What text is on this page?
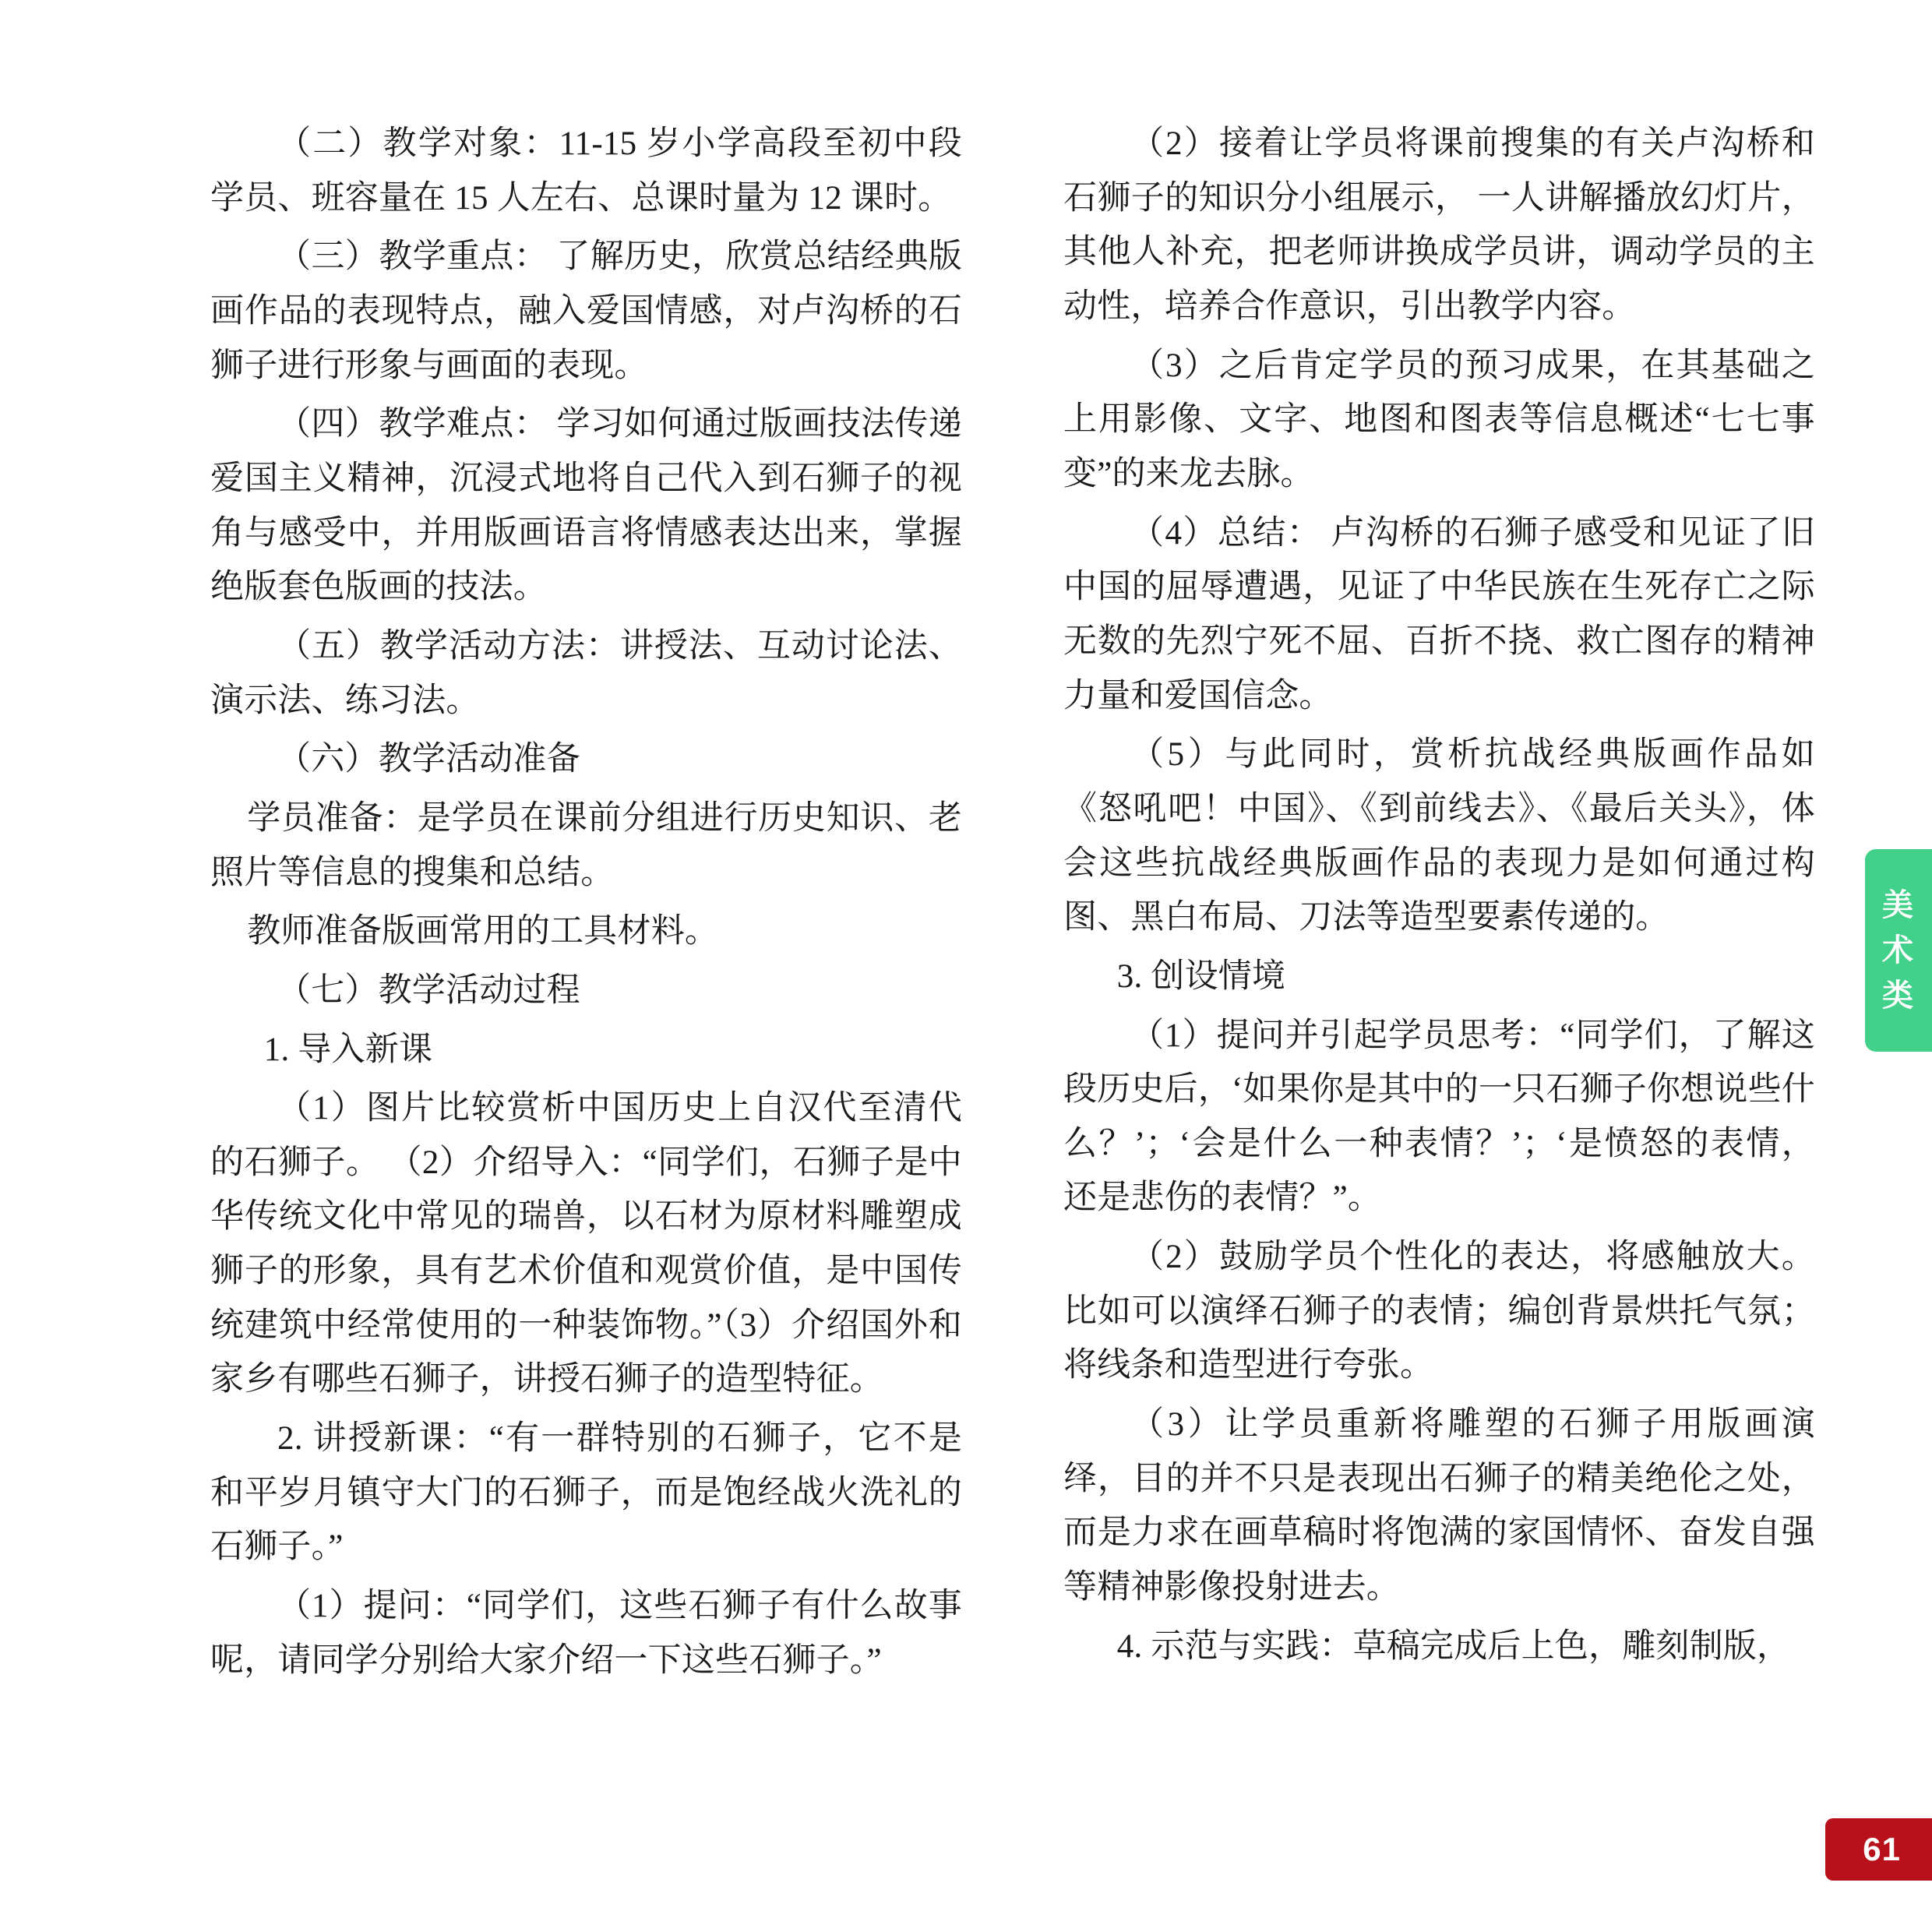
（二）教学对象：11-15 岁小学高段至初中段学员、班容量在 15 人左右、总课时量为 12 课时。

（三）教学重点： 了解历史，欣赏总结经典版画作品的表现特点，融入爱国情感，对卢沟桥的石狮子进行形象与画面的表现。

（四）教学难点： 学习如何通过版画技法传递爱国主义精神，沉浸式地将自己代入到石狮子的视角与感受中，并用版画语言将情感表达出来，掌握绝版套色版画的技法。

（五）教学活动方法：讲授法、互动讨论法、演示法、练习法。

（六）教学活动准备

学员准备：是学员在课前分组进行历史知识、老照片等信息的搜集和总结。

教师准备版画常用的工具材料。

（七）教学活动过程

1. 导入新课

（1）图片比较赏析中国历史上自汉代至清代的石狮子。 （2）介绍导入：“同学们，石狮子是中华传统文化中常见的瑞兽，以石材为原材料雕塑成狮子的形象，具有艺术价值和观赏价值，是中国传统建筑中经常使用的一种装饰物。”（3）介绍国外和家乡有哪些石狮子，讲授石狮子的造型特征。

2. 讲授新课：“有一群特别的石狮子，它不是和平岁月镇守大门的石狮子，而是饱经战火洗礼的石狮子。”

（1）提问：“同学们，这些石狮子有什么故事呢，请同学分别给大家介绍一下这些石狮子。”

（2）接着让学员将课前搜集的有关卢沟桥和石狮子的知识分小组展示， 一人讲解播放幻灯片， 其他人补充，把老师讲换成学员讲，调动学员的主动性，培养合作意识，引出教学内容。

（3）之后肯定学员的预习成果，在其基础之上用影像、文字、地图和图表等信息概述“七七事变”的来龙去脉。

（4）总结： 卢沟桥的石狮子感受和见证了旧中国的屈辱遭遇，见证了中华民族在生死存亡之际无数的先烈宁死不屈、百折不挠、救亡图存的精神力量和爱国信念。

（5）与此同时，赏析抗战经典版画作品如《怒吼吧！中国》、《到前线去》、《最后关头》，体会这些抗战经典版画作品的表现力是如何通过构图、黑白布局、刀法等造型要素传递的。

3. 创设情境

（1）提问并引起学员思考：“同学们，了解这段历史后，‘如果你是其中的一只石狮子你想说些什么？’；‘会是什么一种表情？’；‘是愤怒的表情，还是悲伤的表情？”。

（2）鼓励学员个性化的表达，将感触放大。比如可以演绎石狮子的表情；编创背景烘托气氛；将线条和造型进行夸张。

（3）让学员重新将雕塑的石狮子用版画演绎，目的并不只是表现出石狮子的精美绝伦之处，而是力求在画草稿时将饱满的家国情怀、奋发自强等精神影像投射进去。

4. 示范与实践：草稿完成后上色，雕刻制版，

美
术
类
61
